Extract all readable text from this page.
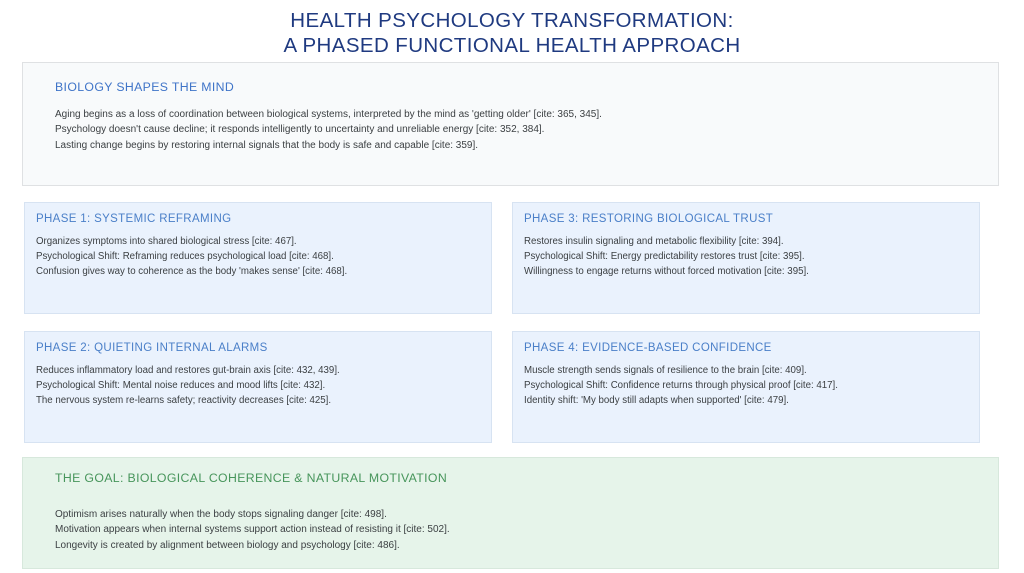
HEALTH PSYCHOLOGY TRANSFORMATION:
A PHASED FUNCTIONAL HEALTH APPROACH
BIOLOGY SHAPES THE MIND
Aging begins as a loss of coordination between biological systems, interpreted by the mind as 'getting older' [cite: 365, 345].
Psychology doesn't cause decline; it responds intelligently to uncertainty and unreliable energy [cite: 352, 384].
Lasting change begins by restoring internal signals that the body is safe and capable [cite: 359].
PHASE 1: SYSTEMIC REFRAMING
Organizes symptoms into shared biological stress [cite: 467].
Psychological Shift: Reframing reduces psychological load [cite: 468].
Confusion gives way to coherence as the body 'makes sense' [cite: 468].
PHASE 2: QUIETING INTERNAL ALARMS
Reduces inflammatory load and restores gut-brain axis [cite: 432, 439].
Psychological Shift: Mental noise reduces and mood lifts [cite: 432].
The nervous system re-learns safety; reactivity decreases [cite: 425].
PHASE 3: RESTORING BIOLOGICAL TRUST
Restores insulin signaling and metabolic flexibility [cite: 394].
Psychological Shift: Energy predictability restores trust [cite: 395].
Willingness to engage returns without forced motivation [cite: 395].
PHASE 4: EVIDENCE-BASED CONFIDENCE
Muscle strength sends signals of resilience to the brain [cite: 409].
Psychological Shift: Confidence returns through physical proof [cite: 417].
Identity shift: 'My body still adapts when supported' [cite: 479].
THE GOAL: BIOLOGICAL COHERENCE & NATURAL MOTIVATION
Optimism arises naturally when the body stops signaling danger [cite: 498].
Motivation appears when internal systems support action instead of resisting it [cite: 502].
Longevity is created by alignment between biology and psychology [cite: 486].
